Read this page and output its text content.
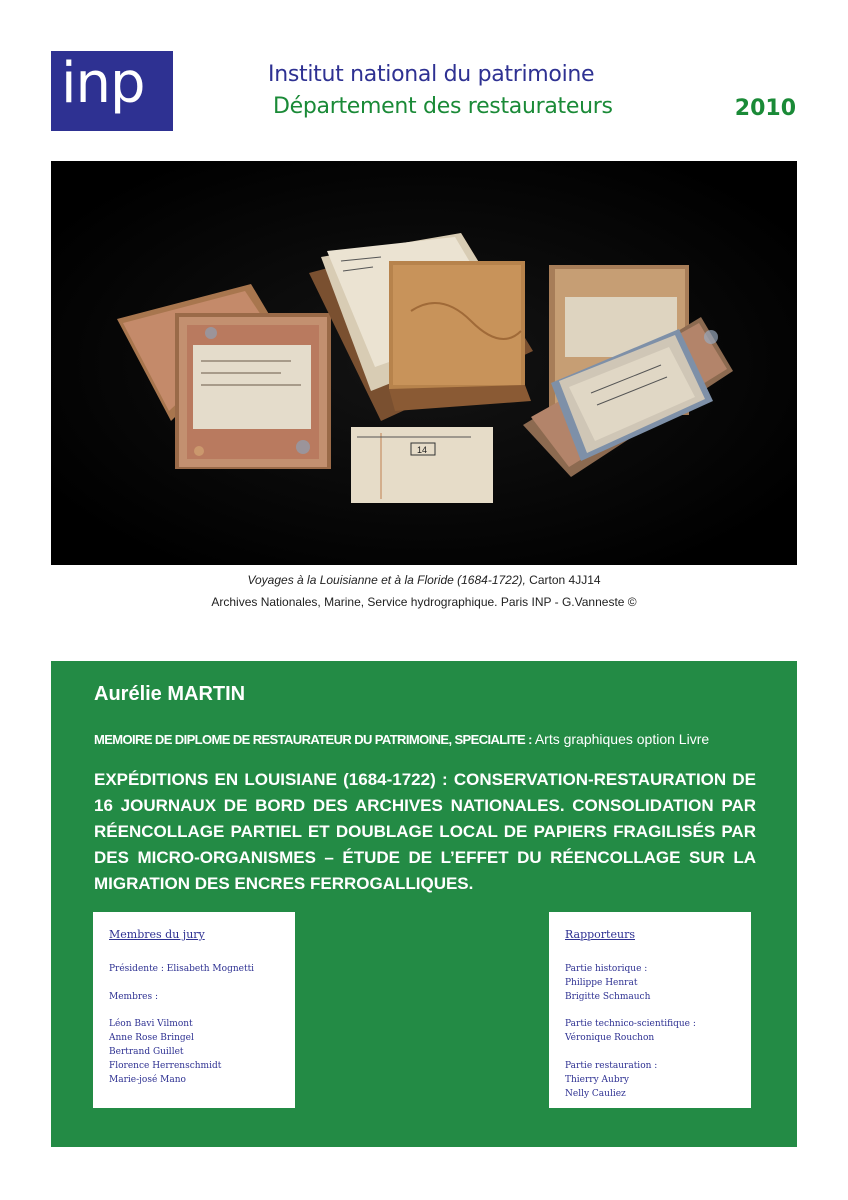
inp	Institut national du patrimoine
Département des restaurateurs	2010
14
Voyages à la Louisianne et à la Floride (1684-1722), Carton 4JJ14
Archives Nationales, Marine, Service hydrographique. Paris INP - G.Vanneste ©
Aurélie MARTIN
MEMOIRE DE DIPLOME DE RESTAURATEUR DU PATRIMOINE, SPECIALITE : Arts graphiques option Livre
EXPÉDITIONS EN LOUISIANE (1684-1722) : CONSERVATION-RESTAURATION DE 16 JOURNAUX DE BORD DES ARCHIVES NATIONALES. CONSOLIDATION PAR RÉENCOLLAGE PARTIEL ET DOUBLAGE LOCAL DE PAPIERS FRAGILISÉS PAR DES MICRO-ORGANISMES – ÉTUDE DE L’EFFET DU RÉENCOLLAGE SUR LA MIGRATION DES ENCRES FERROGALLIQUES.
Membres du jury
Présidente : Elisabeth Mognetti
Membres :
Léon Bavi Vilmont
Anne Rose Bringel
Bertrand Guillet
Florence Herrenschmidt
Marie-josé Mano
Rapporteurs
Partie historique :
Philippe Henrat
Brigitte Schmauch
Partie technico-scientifique :
Véronique Rouchon
Partie restauration :
Thierry Aubry
Nelly Cauliez
